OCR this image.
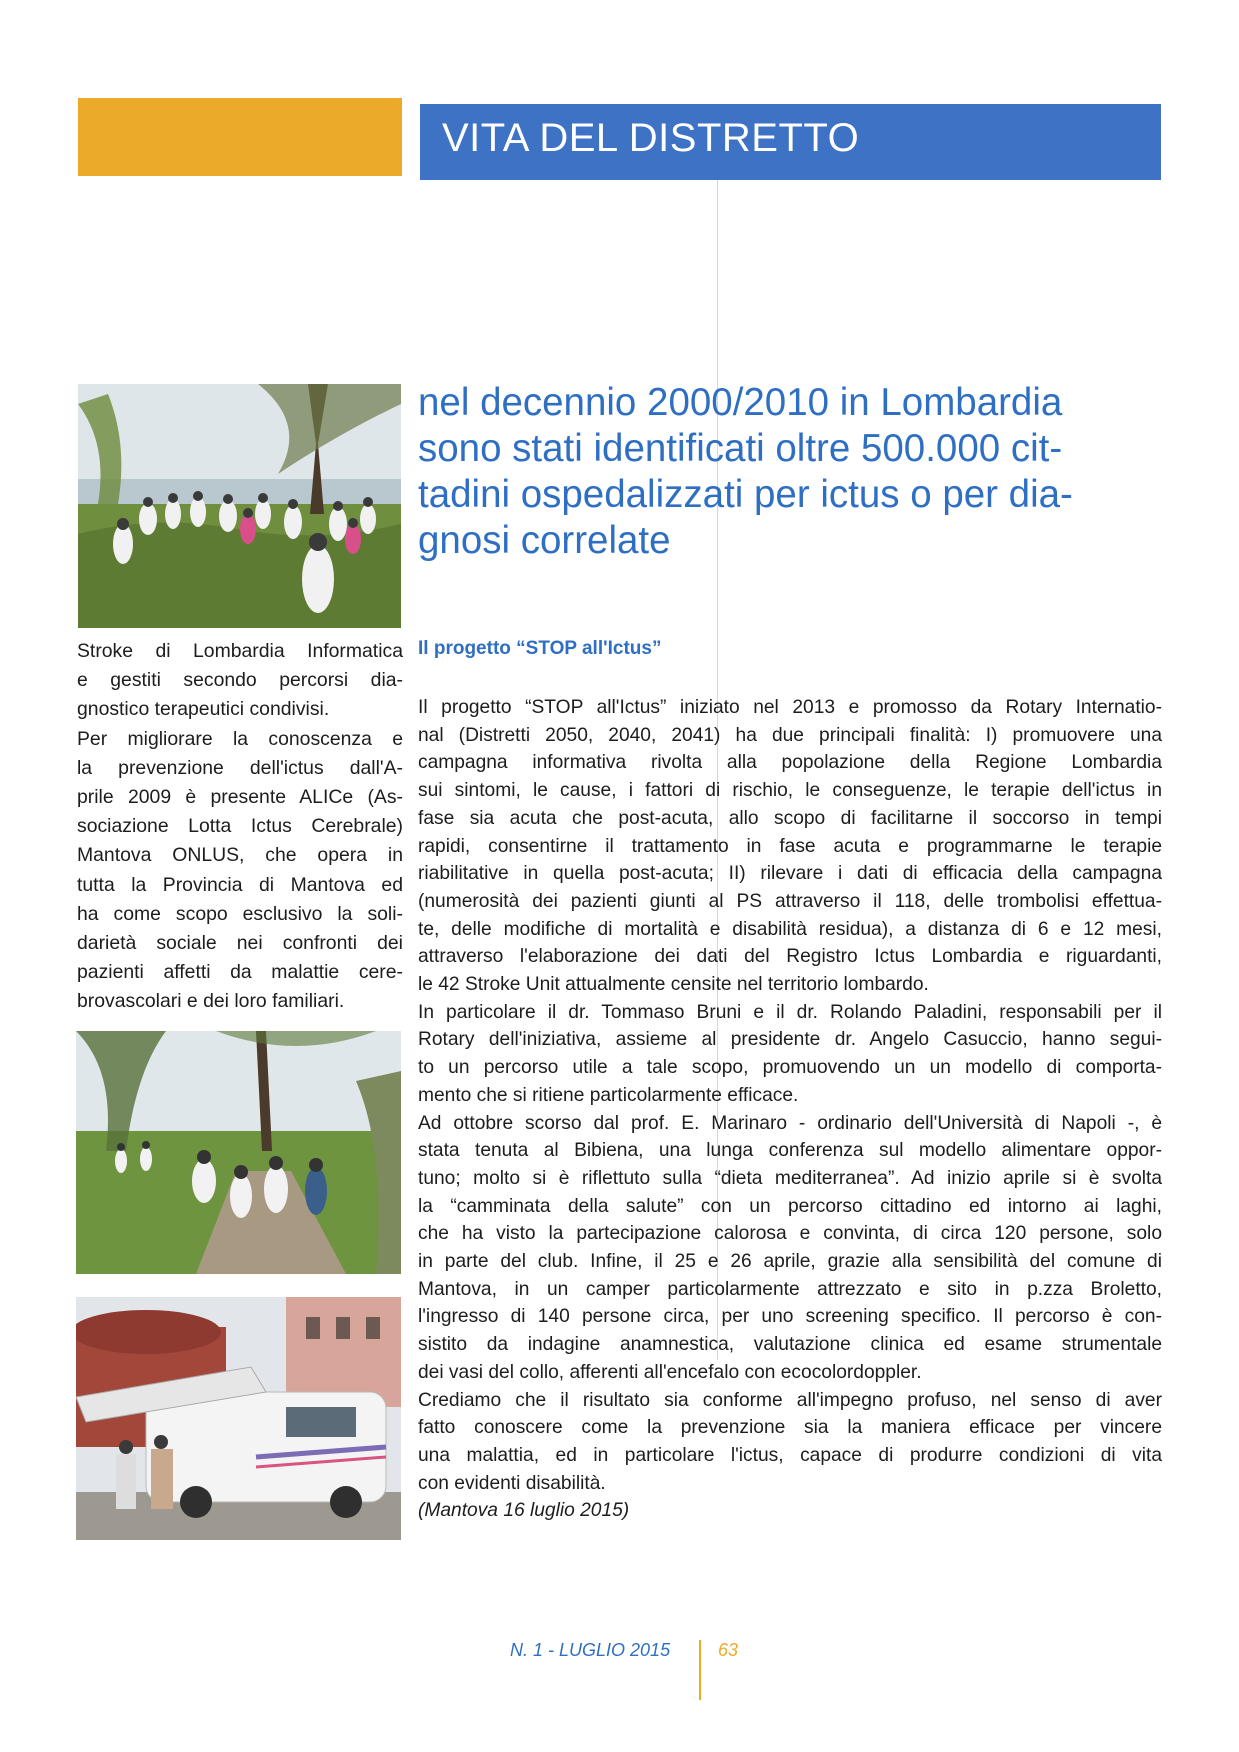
VITA DEL DISTRETTO
nel decennio 2000/2010 in Lombardia
sono stati identificati oltre 500.000 cit-
tadini ospedalizzati per ictus o per dia-
gnosi correlate
Stroke di Lombardia Informatica
e gestiti secondo percorsi dia-
gnostico terapeutici condivisi.
Per migliorare la conoscenza e
la prevenzione dell'ictus dall'A-
prile 2009 è presente ALICe (As-
sociazione Lotta Ictus Cerebrale)
Mantova ONLUS, che opera in
tutta la Provincia di Mantova ed
ha come scopo esclusivo la soli-
darietà sociale nei confronti dei
pazienti affetti da malattie cere-
brovascolari e dei loro familiari.
Il progetto “STOP all'Ictus”
Il progetto “STOP all'Ictus” iniziato nel 2013 e promosso da Rotary Internatio-
nal (Distretti 2050, 2040, 2041) ha due principali finalità: I) promuovere una
campagna informativa rivolta alla popolazione della Regione Lombardia
sui sintomi, le cause, i fattori di rischio, le conseguenze, le terapie dell'ictus in
fase sia acuta che post-acuta, allo scopo di facilitarne il soccorso in tempi
rapidi, consentirne il trattamento in fase acuta e programmarne le terapie
riabilitative in quella post-acuta; II) rilevare i dati di efficacia della campagna
(numerosità dei pazienti giunti al PS attraverso il 118, delle trombolisi effettua-
te, delle modifiche di mortalità e disabilità residua), a distanza di 6 e 12 mesi,
attraverso l'elaborazione dei dati del Registro Ictus Lombardia e riguardanti,
le 42 Stroke Unit attualmente censite nel territorio lombardo.
In particolare il dr. Tommaso Bruni e il dr. Rolando Paladini, responsabili per il
Rotary dell'iniziativa, assieme al presidente dr. Angelo Casuccio, hanno segui-
to un percorso utile a tale scopo, promuovendo un un modello di comporta-
mento che si ritiene particolarmente efficace.
Ad ottobre scorso dal prof. E. Marinaro - ordinario dell'Università di Napoli -, è
stata tenuta al Bibiena, una lunga conferenza sul modello alimentare oppor-
tuno; molto si è riflettuto sulla “dieta mediterranea”. Ad inizio aprile si è svolta
la “camminata della salute” con un percorso cittadino ed intorno ai laghi,
che ha visto la partecipazione calorosa e convinta, di circa 120 persone, solo
in parte del club. Infine, il 25 e 26 aprile, grazie alla sensibilità del comune di
Mantova, in un camper particolarmente attrezzato e sito in p.zza Broletto,
l'ingresso di 140 persone circa, per uno screening specifico. Il percorso è con-
sistito da indagine anamnestica, valutazione clinica ed esame strumentale
dei vasi del collo, afferenti all'encefalo con ecocolordoppler.
Crediamo che il risultato sia conforme all'impegno profuso, nel senso di aver
fatto conoscere come la prevenzione sia la maniera efficace per vincere
una malattia, ed in particolare l'ictus, capace di produrre condizioni di vita
con evidenti disabilità.
(Mantova 16 luglio 2015)
N. 1 - LUGLIO 2015	63
